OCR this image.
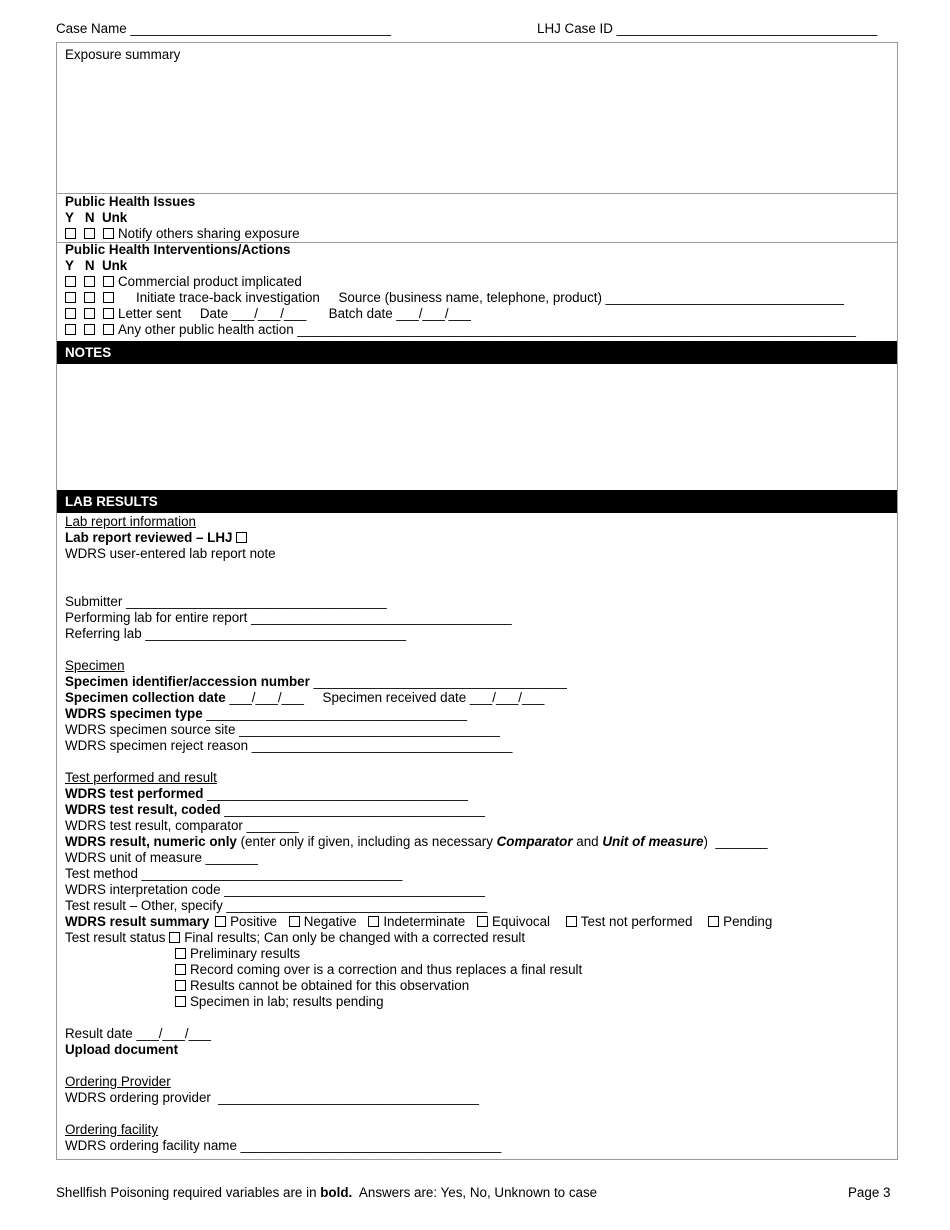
Case Name ___________________________________	LHJ Case ID ___________________________________
Exposure summary
Public Health Issues
Y   N  Unk
Notify others sharing exposure
Public Health Interventions/Actions
Y   N  Unk
Commercial product implicated
Initiate trace-back investigation     Source (business name, telephone, product) ________________________________
Letter sent     Date ___/___/___      Batch date ___/___/___
Any other public health action ___________________________________________________________________________
NOTES
LAB RESULTS
Lab report information
Lab report reviewed – LHJ
WDRS user-entered lab report note
Submitter ___________________________________
Performing lab for entire report ___________________________________
Referring lab ___________________________________
Specimen
Specimen identifier/accession number __________________________________
Specimen collection date ___/___/___     Specimen received date ___/___/___
WDRS specimen type ___________________________________
WDRS specimen source site ___________________________________
WDRS specimen reject reason ___________________________________
Test performed and result
WDRS test performed ___________________________________
WDRS test result, coded ___________________________________
WDRS test result, comparator _______
WDRS result, numeric only (enter only if given, including as necessary Comparator and Unit of measure)  _______
WDRS unit of measure _______
Test method ___________________________________
WDRS interpretation code ___________________________________
Test result – Other, specify ___________________________________
WDRS result summary Positive Negative Indeterminate Equivocal Test not performed Pending
Test result status Final results; Can only be changed with a corrected result
Preliminary results
Record coming over is a correction and thus replaces a final result
Results cannot be obtained for this observation
Specimen in lab; results pending
Result date ___/___/___
Upload document
Ordering Provider
WDRS ordering provider  ___________________________________
Ordering facility
WDRS ordering facility name ___________________________________
Shellfish Poisoning required variables are in bold.  Answers are: Yes, No, Unknown to case	Page 3
